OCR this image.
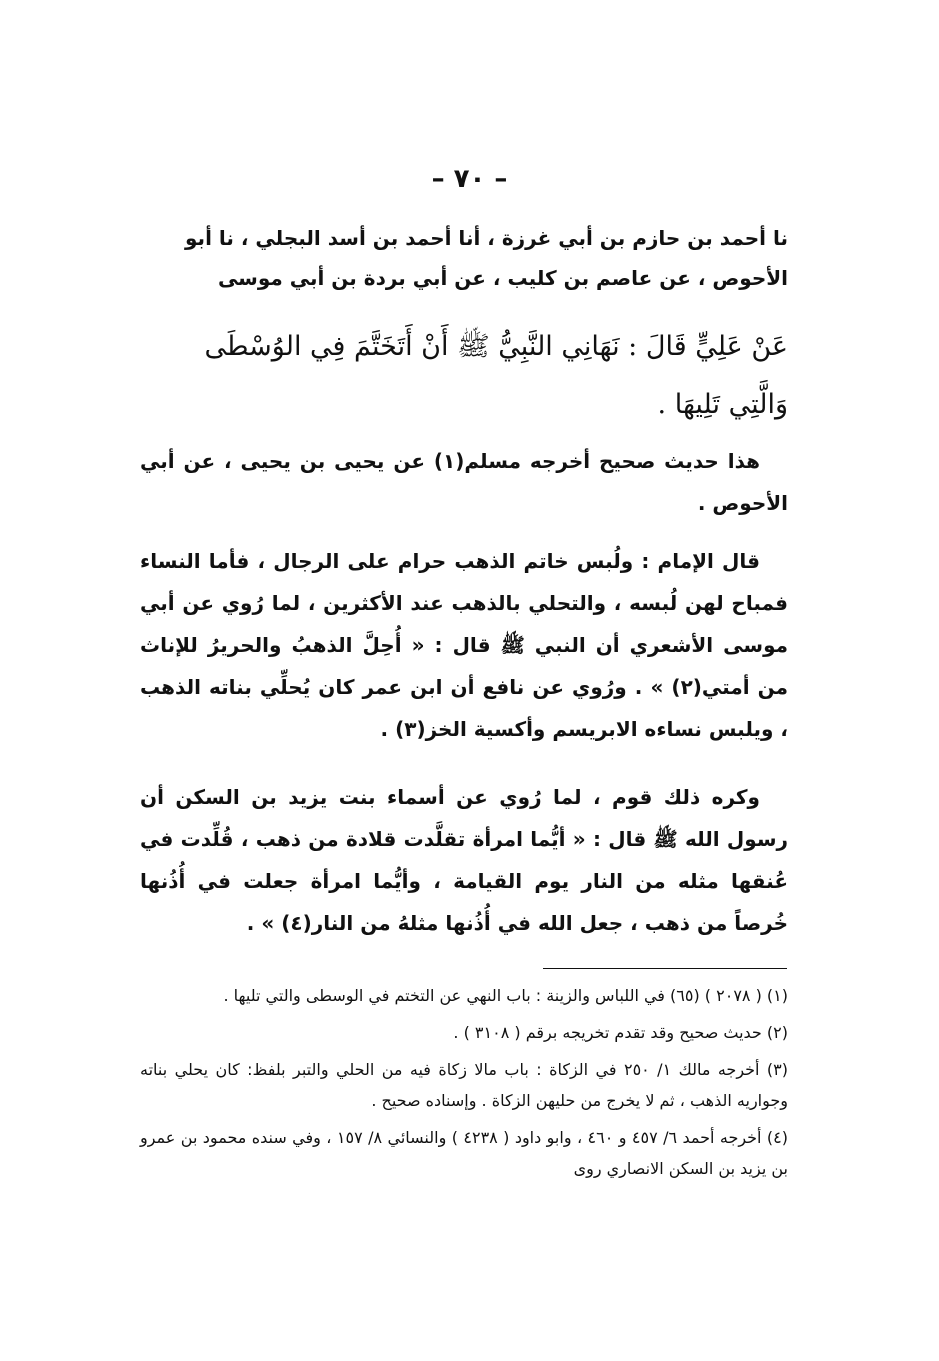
– ٧٠ –
نا أحمد بن حازم بن أبي غرزة ، أنا أحمد بن أسد البجلي ، نا أبو
الأحوص ، عن عاصم بن كليب ، عن أبي بردة بن أبي موسى
عَنْ عَلِيٍّ قَالَ : نَهَانِي النَّبِيُّ ﷺ أَنْ أَتَخَتَّمَ فِي الوُسْطَى
وَالَّتِي تَلِيهَا .
هذا حديث صحيح أخرجه مسلم(١) عن يحيى بن يحيى ، عن أبي الأحوص .
قال الإمام : ولُبس خاتم الذهب حرام على الرجال ، فأما النساء فمباح لهن لُبسه ، والتحلي بالذهب عند الأكثرين ، لما رُوي عن أبي موسى الأشعري أن النبي ﷺ قال : « أُحِلَّ الذهبُ والحريرُ للإناث من أمتي(٢) » . ورُوي عن نافع أن ابن عمر كان يُحلِّي بناته الذهب ، ويلبس نساءه الابريسم وأكسية الخز(٣) .
وكره ذلك قوم ، لما رُوي عن أسماء بنت يزيد بن السكن أن رسول الله ﷺ قال : « أيُّما امرأة تقلَّدت قلادة من ذهب ، قُلِّدت في عُنقها مثله من النار يوم القيامة ، وأيُّما امرأة جعلت في أُذُنها خُرصاً من ذهب ، جعل الله في أُذُنها مثلهُ من النار(٤) » .

(١) ( ٢٠٧٨ ) (٦٥) في اللباس والزينة : باب النهي عن التختم في الوسطى والتي تليها .

(٢) حديث صحيح وقد تقدم تخريجه برقم ( ٣١٠٨ ) .

(٣) أخرجه مالك ١/ ٢٥٠ في الزكاة : باب مالا زكاة فيه من الحلي والتبر بلفظ: كان يحلي بناته وجواريه الذهب ، ثم لا يخرج من حليهن الزكاة . وإسناده صحيح .

(٤) أخرجه أحمد ٦/ ٤٥٧ و ٤٦٠ ، وابو داود ( ٤٢٣٨ ) والنسائي ٨/ ١٥٧ ، وفي سنده محمود بن عمرو بن يزيد بن السكن الانصاري روى
